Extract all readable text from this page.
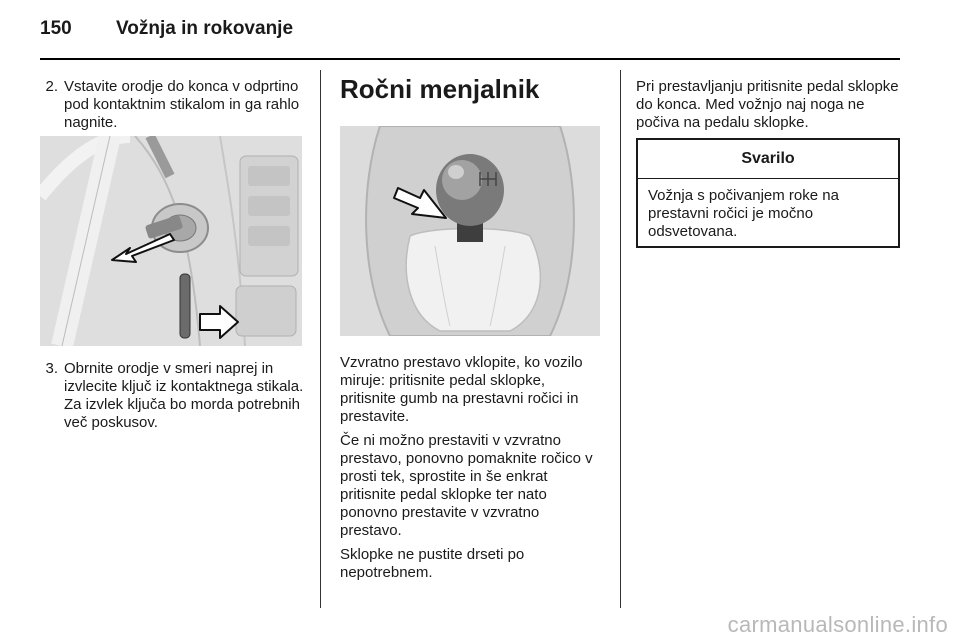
150	Vožnja in rokovanje
2. Vstavite orodje do konca v odprtino pod kontaktnim stikalom in ga rahlo nagnite.
3. Obrnite orodje v smeri naprej in izvlecite ključ iz kontaktnega stikala. Za izvlek ključa bo morda potrebnih več poskusov.
Ročni menjalnik

Vzvratno prestavo vklopite, ko vozilo miruje: pritisnite pedal sklopke, pritisnite gumb na prestavni ročici in prestavite.

Če ni možno prestaviti v vzvratno prestavo, ponovno pomaknite ročico v prosti tek, sprostite in še enkrat pritisnite pedal sklopke ter nato ponovno prestavite v vzvratno prestavo.

Sklopke ne pustite drseti po nepotrebnem.

Pri prestavljanju pritisnite pedal sklopke do konca. Med vožnjo naj noga ne počiva na pedalu sklopke.

Svarilo
Vožnja s počivanjem roke na prestavni ročici je močno odsvetovana.
carmanualsonline.info
